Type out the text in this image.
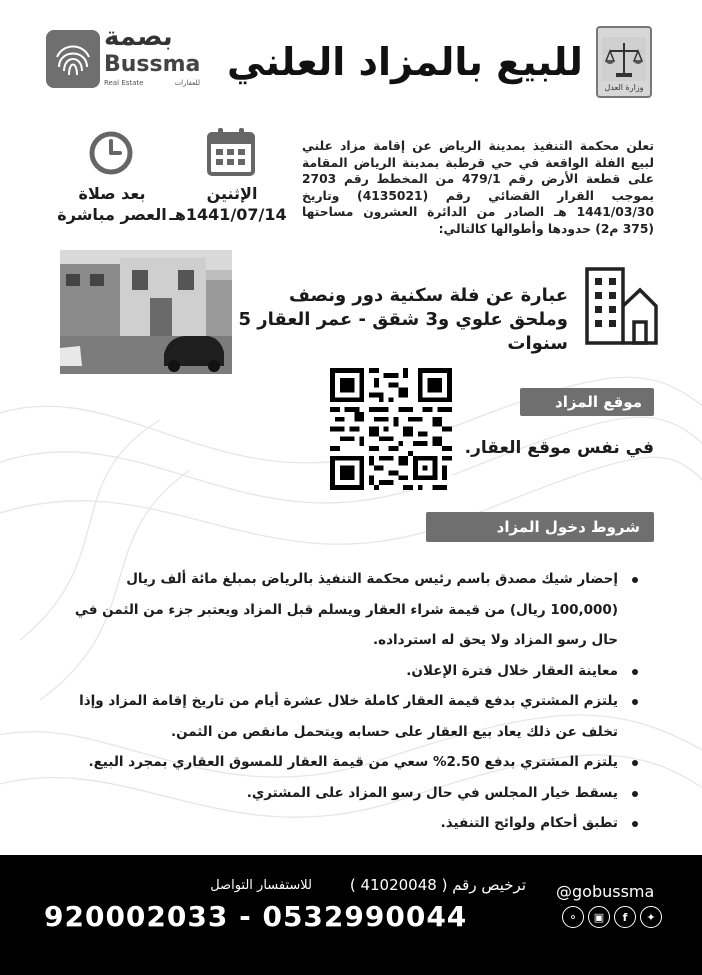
وزارة العدل
للبيع بالمزاد العلني
بصمة
Bussma
Real Estate	للعقارات
تعلن محكمة التنفيذ بمدينة الرياض عن إقامة مزاد علني لبيع الفلة الواقعة في حي قرطبة بمدينة الرياض المقامة على قطعة الأرض رقم 479/1 من المخطط رقم 2703 بموجب القرار القضائي رقم (4135021) وتاريخ 1441/03/30 هـ الصادر من الدائرة العشرون مساحتها (375 م2) حدودها وأطوالها كالتالي:
الإثنين
1441/07/14هـ
بعد صلاة
العصر مباشرة
عبارة عن فلة سكنية دور ونصف وملحق علوي و3 شقق - عمر العقار 5 سنوات
موقع المزاد
في نفس موقع العقار.
شروط دخول المزاد
إحضار شيك مصدق باسم رئيس محكمة التنفيذ بالرياض بمبلغ مائة ألف ريال (100,000 ريال) من قيمة شراء العقار ويسلم قبل المزاد ويعتبر جزء من الثمن في حال رسو المزاد ولا يحق له استرداده.
معاينة العقار خلال فترة الإعلان.
يلتزم المشتري بدفع قيمة العقار كاملة خلال عشرة أيام من تاريخ إقامة المزاد وإذا تخلف عن ذلك يعاد بيع العقار على حسابه ويتحمل مانقص من الثمن.
يلتزم المشتري بدفع 2.50% سعي من قيمة العقار للمسوق العقاري بمجرد البيع.
يسقط خيار المجلس في حال رسو المزاد على المشتري.
تطبق أحكام ولوائح التنفيذ.
@gobussma
⚬	▣	f	✦
ترخيص رقم ( 41020048 )
للاستفسار التواصل
920002033 - 0532990044
